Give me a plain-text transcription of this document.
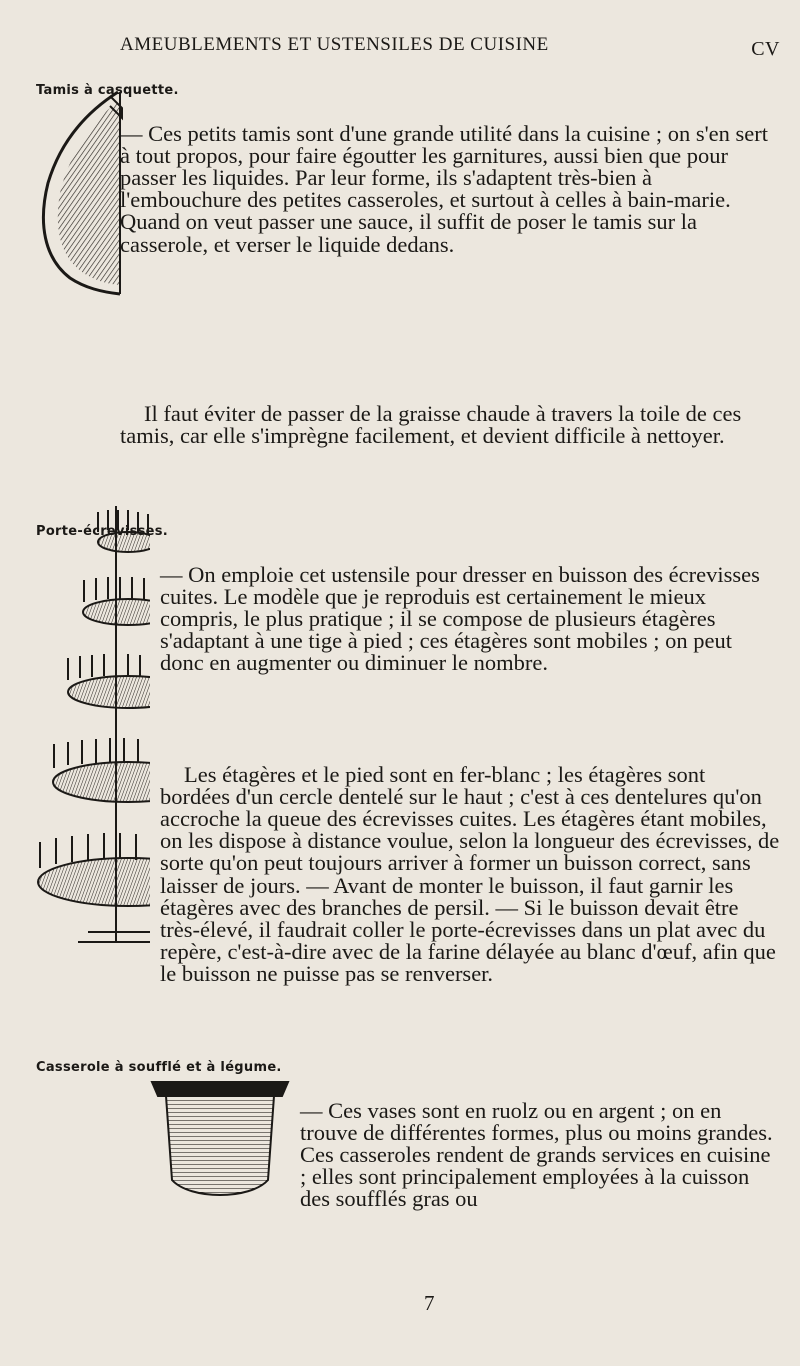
AMEUBLEMENTS ET USTENSILES DE CUISINE	CV
Tamis à casquette.

— Ces petits tamis sont d'une grande utilité dans la cuisine ; on s'en sert à tout propos, pour faire égoutter les garnitures, aussi bien que pour passer les liquides. Par leur forme, ils s'adaptent très-bien à l'embouchure des petites casseroles, et surtout à celles à bain-marie. Quand on veut passer une sauce, il suffit de poser le tamis sur la casserole, et verser le liquide dedans.

Il faut éviter de passer de la graisse chaude à travers la toile de ces tamis, car elle s'imprègne facilement, et devient difficile à nettoyer.

Porte-écrevisses.

— On emploie cet ustensile pour dresser en buisson des écrevisses cuites. Le modèle que je reproduis est certainement le mieux compris, le plus pratique ; il se compose de plusieurs étagères s'adaptant à une tige à pied ; ces étagères sont mobiles ; on peut donc en augmenter ou diminuer le nombre.

Les étagères et le pied sont en fer-blanc ; les étagères sont bordées d'un cercle dentelé sur le haut ; c'est à ces dentelures qu'on accroche la queue des écrevisses cuites. Les étagères étant mobiles, on les dispose à distance voulue, selon la longueur des écrevisses, de sorte qu'on peut toujours arriver à former un buisson correct, sans laisser de jours. — Avant de monter le buisson, il faut garnir les étagères avec des branches de persil. — Si le buisson devait être très-élevé, il faudrait coller le porte-écrevisses dans un plat avec du repère, c'est-à-dire avec de la farine délayée au blanc d'œuf, afin que le buisson ne puisse pas se renverser.

Casserole à soufflé et à légume.

— Ces vases sont en ruolz ou en argent ; on en trouve de différentes formes, plus ou moins grandes. Ces casseroles rendent de grands services en cuisine ; elles sont principalement employées à la cuisson des soufflés gras ou

7
